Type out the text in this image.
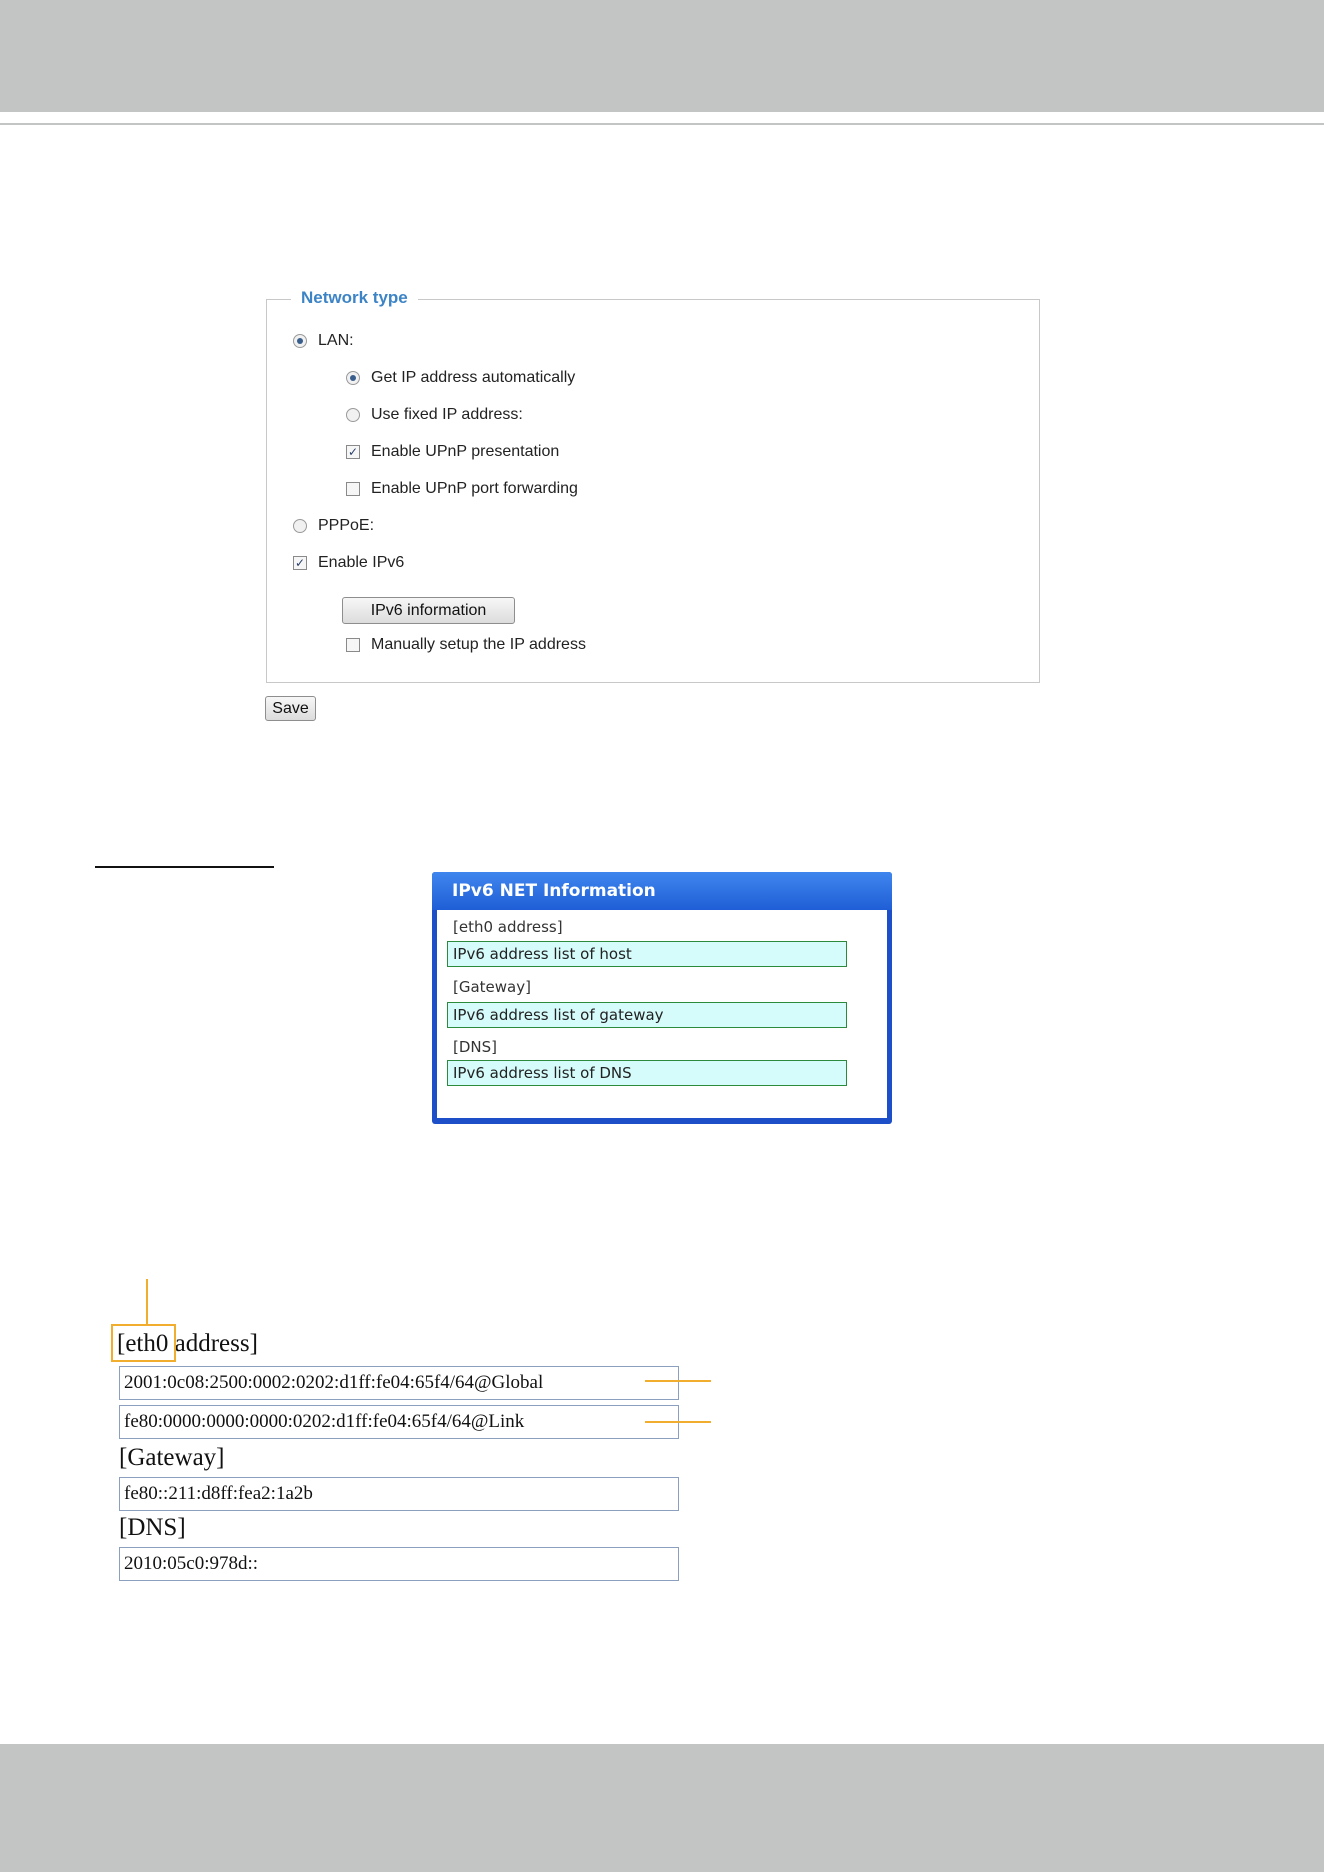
Network type
LAN:
Get IP address automatically
Use fixed IP address:
✓ Enable UPnP presentation
Enable UPnP port forwarding
PPPoE:
✓ Enable IPv6
IPv6 information
Manually setup the IP address
Save
IPv6 NET Information
[eth0 address]
IPv6 address list of host
[Gateway]
IPv6 address list of gateway
[DNS]
IPv6 address list of DNS
[eth0 address]
2001:0c08:2500:0002:0202:d1ff:fe04:65f4/64@Global
fe80:0000:0000:0000:0202:d1ff:fe04:65f4/64@Link
[Gateway]
fe80::211:d8ff:fea2:1a2b
[DNS]
2010:05c0:978d::
